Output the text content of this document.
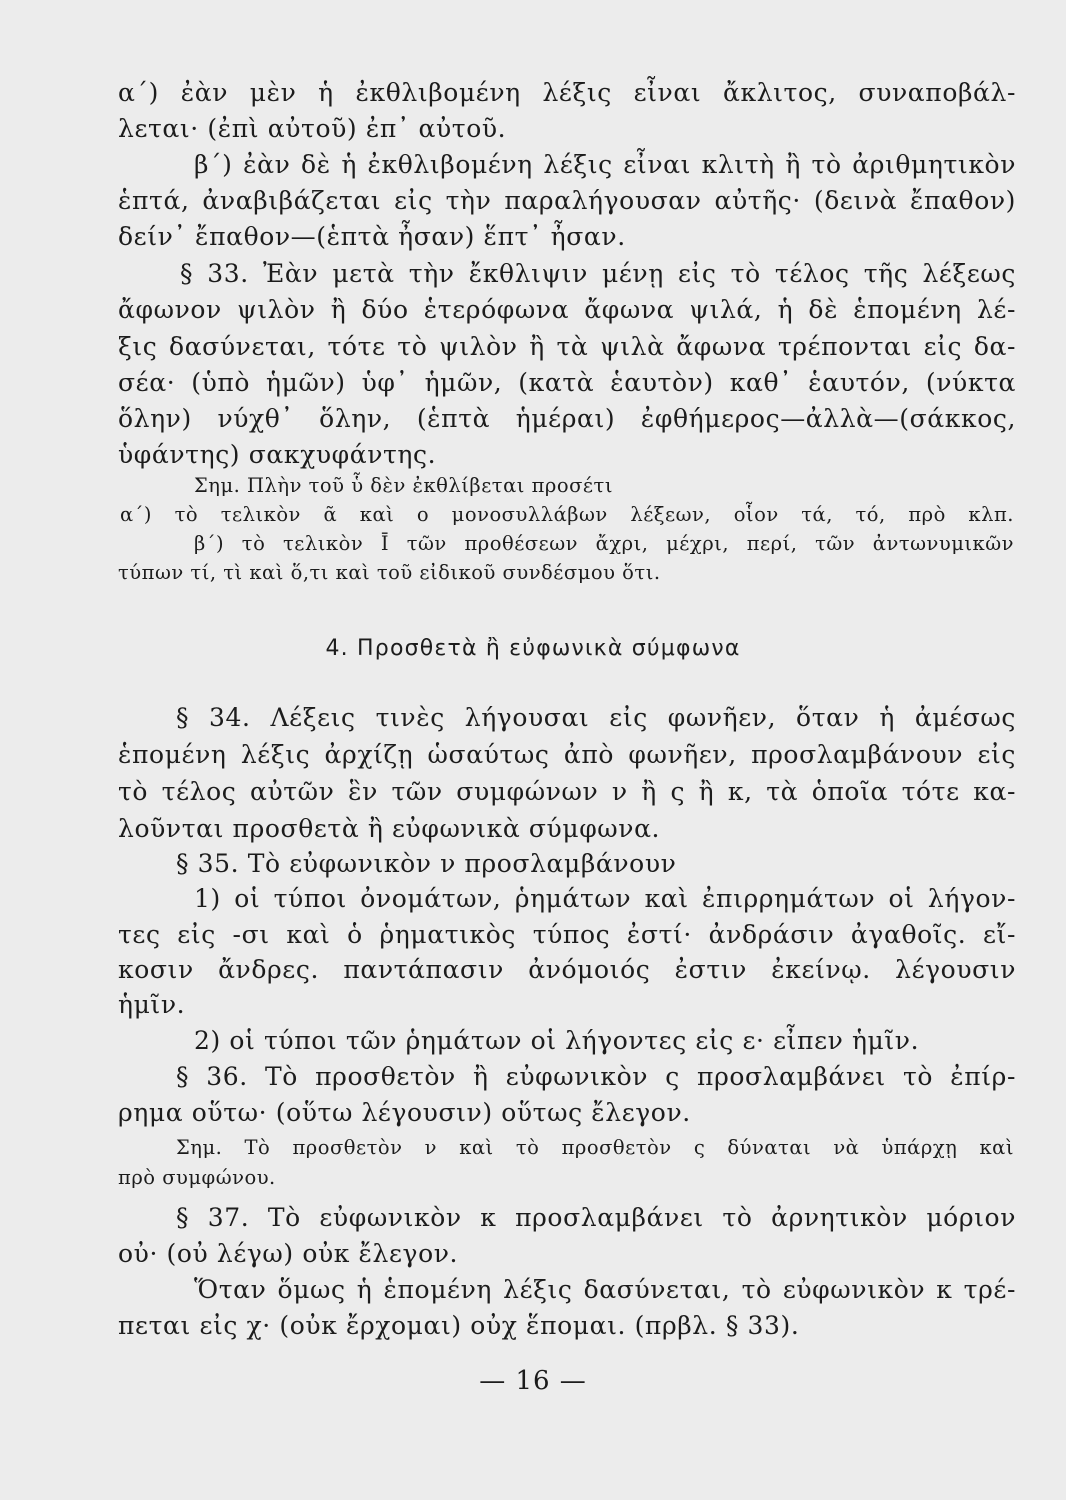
α΄) ἐὰν μὲν ἡ ἐκθλιβομένη λέξις εἶναι ἄκλιτος, συναποβάλ-
λεται· (ἐπὶ αὐτοῦ) ἐπ᾿ αὐτοῦ.
β΄) ἐὰν δὲ ἡ ἐκθλιβομένη λέξις εἶναι κλιτὴ ἢ τὸ ἀριθμητικὸν
ἑπτά, ἀναβιβάζεται εἰς τὴν παραλήγουσαν αὐτῆς· (δεινὰ ἔπαθον)
δείν᾿ ἔπαθον—(ἑπτὰ ἦσαν) ἕπτ᾿ ἦσαν.
§ 33. Ἐὰν μετὰ τὴν ἔκθλιψιν μένῃ εἰς τὸ τέλος τῆς λέξεως
ἄφωνον ψιλὸν ἢ δύο ἑτερόφωνα ἄφωνα ψιλά, ἡ δὲ ἑπομένη λέ-
ξις δασύνεται, τότε τὸ ψιλὸν ἢ τὰ ψιλὰ ἄφωνα τρέπονται εἰς δα-
σέα· (ὑπὸ ἡμῶν) ὑφ᾿ ἡμῶν, (κατὰ ἑαυτὸν) καθ᾿ ἑαυτόν, (νύκτα
ὅλην) νύχθ᾿ ὅλην, (ἑπτὰ ἡμέραι) ἐφθήμερος—ἀλλὰ—(σάκκος,
ὑφάντης) σακχυφάντης.
Σημ. Πλὴν τοῦ ὗ δὲν ἐκθλίβεται προσέτι
α΄) τὸ τελικὸν ᾶ καὶ ο μονοσυλλάβων λέξεων, οἷον τά, τό, πρὸ κλπ.
β΄) τὸ τελικὸν Ῑ τῶν προθέσεων ἄχρι, μέχρι, περί, τῶν ἀντωνυμικῶν
τύπων τί, τὶ καὶ ὅ,τι καὶ τοῦ εἰδικοῦ συνδέσμου ὅτι.
4. Προσθετὰ ἢ εὐφωνικὰ σύμφωνα
§ 34. Λέξεις τινὲς λήγουσαι εἰς φωνῆεν, ὅταν ἡ ἀμέσως
ἑπομένη λέξις ἀρχίζῃ ὡσαύτως ἀπὸ φωνῆεν, προσλαμβάνουν εἰς
τὸ τέλος αὐτῶν ἓν τῶν συμφώνων ν ἢ ς ἢ κ, τὰ ὁποῖα τότε κα-
λοῦνται προσθετὰ ἢ εὐφωνικὰ σύμφωνα.
§ 35. Τὸ εὐφωνικὸν ν προσλαμβάνουν
1) οἱ τύποι ὀνομάτων, ῥημάτων καὶ ἐπιρρημάτων οἱ λήγον-
τες εἰς -σι καὶ ὁ ῥηματικὸς τύπος ἐστί· ἀνδράσιν ἀγαθοῖς. εἴ-
κοσιν ἄνδρες. παντάπασιν ἀνόμοιός ἐστιν ἐκείνῳ. λέγουσιν
ἡμῖν.
2) οἱ τύποι τῶν ῥημάτων οἱ λήγοντες εἰς ε· εἶπεν ἡμῖν.
§ 36. Τὸ προσθετὸν ἢ εὐφωνικὸν ς προσλαμβάνει τὸ ἐπίρ-
ρημα οὕτω· (οὕτω λέγουσιν) οὕτως ἔλεγον.
Σημ. Τὸ προσθετὸν ν καὶ τὸ προσθετὸν ς δύναται νὰ ὑπάρχῃ καὶ
πρὸ συμφώνου.
§ 37. Τὸ εὐφωνικὸν κ προσλαμβάνει τὸ ἀρνητικὸν μόριον
οὐ· (οὐ λέγω) οὐκ ἔλεγον.
Ὅταν ὅμως ἡ ἑπομένη λέξις δασύνεται, τὸ εὐφωνικὸν κ τρέ-
πεται εἰς χ· (οὐκ ἔρχομαι) οὐχ ἕπομαι. (πρβλ. § 33).
— 16 —
